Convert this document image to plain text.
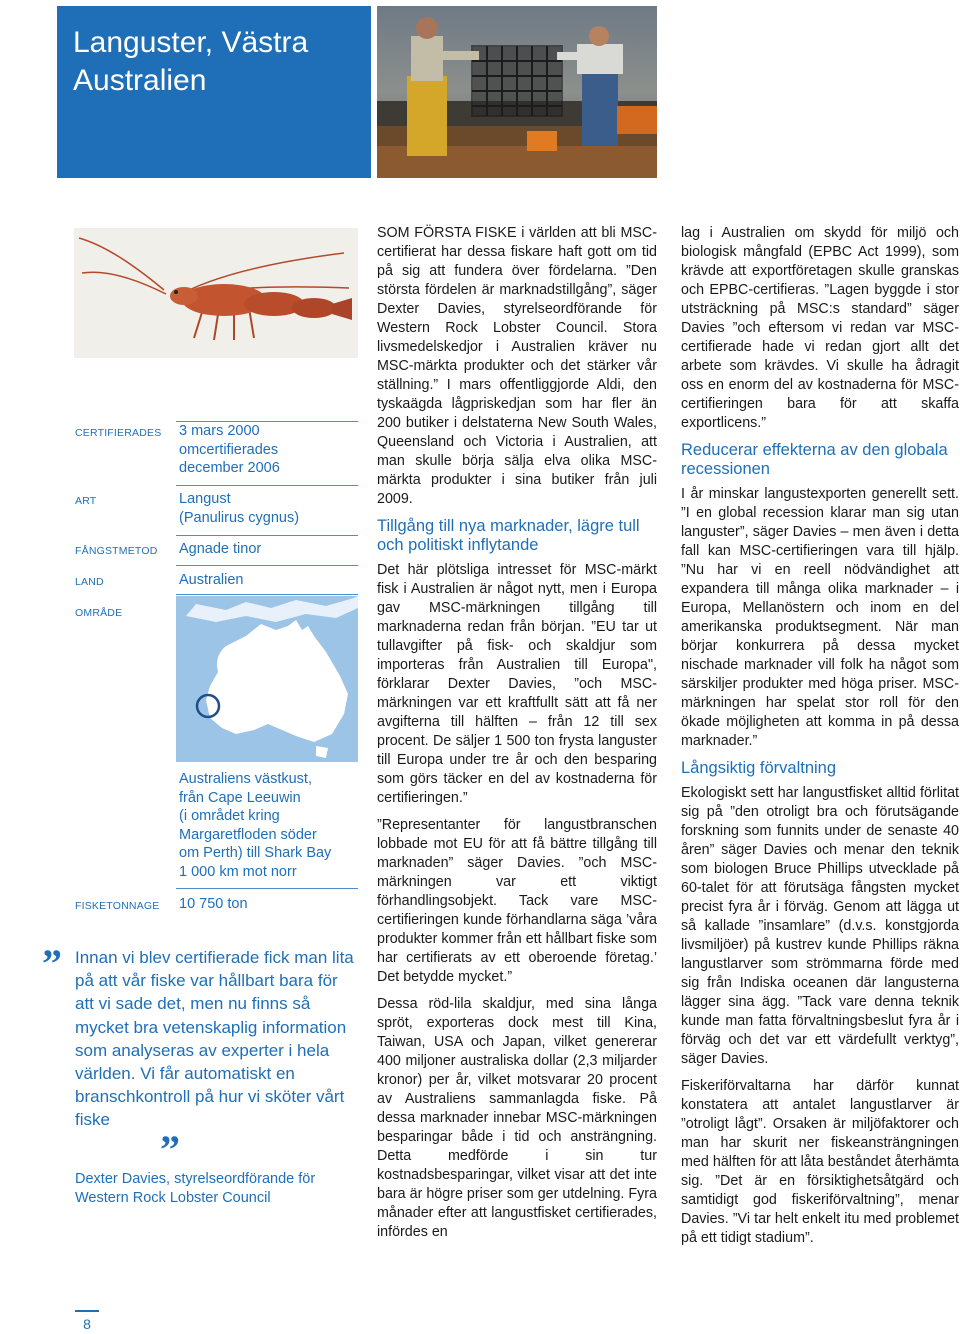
Languster, Västra Australien
CERTIFIERADES 3 mars 2000
omcertifierades
december 2006
ART	Langust
(Panulirus cygnus)
FÅNGSTMETOD Agnade tinor
LAND	Australien
OMRÅDE
Australiens västkust,
från Cape Leeuwin
(i området kring
Margaretfloden söder
om Perth) till Shark Bay
1 000 km mot norr
FISKETONNAGE 10 750 ton
” Innan vi blev certifierade fick man lita på att vår fiske var hållbart bara för att vi sade det, men nu finns så mycket bra vetenskaplig information som analyseras av experter i hela världen. Vi får automatiskt en branschkontroll på hur vi sköter vårt fiske
”
Dexter Davies, styrelseordförande för Western Rock Lobster Council
8

SOM FÖRSTA FISKE i världen att bli MSC-certifierat har dessa fiskare haft gott om tid på sig att fundera över fördelarna. ”Den största fördelen är marknadstillgång”, säger Dexter Davies, styrelseordförande för Western Rock Lobster Council. Stora livsmedelskedjor i Australien kräver nu MSC-märkta produkter och det stärker vår ställning.” I mars offentliggjorde Aldi, den tyskaägda lågpriskedjan som har fler än 200 butiker i delstaterna New South Wales, Queensland och Victoria i Australien, att man skulle börja sälja elva olika MSC-märkta produkter i sina butiker från juli 2009.

Tillgång till nya marknader, lägre tull och politiskt inflytande

Det här plötsliga intresset för MSC-märkt fisk i Australien är något nytt, men i Europa gav MSC-märkningen tillgång till marknaderna redan från början. ”EU tar ut tullavgifter på fisk- och skaldjur som importeras från Australien till Europa", förklarar Dexter Davies, ”och MSC-märkningen var ett kraftfullt sätt att få ner avgifterna till hälften – från 12 till sex procent. De säljer 1 500 ton frysta languster till Europa under tre år och den besparing som görs täcker en del av kostnaderna för certifieringen.”

”Representanter för langustbranschen lobbade mot EU för att få bättre tillgång till marknaden” säger Davies. ”och MSC-märkningen var ett viktigt förhandlingsobjekt. Tack vare MSC-certifieringen kunde förhandlarna säga ’våra produkter kommer från ett hållbart fiske som har certifierats av ett oberoende företag.’ Det betydde mycket.”

Dessa röd-lila skaldjur, med sina långa spröt, exporteras dock mest till Kina, Taiwan, USA och Japan, vilket genererar 400 miljoner australiska dollar (2,3 miljarder kronor) per år, vilket motsvarar 20 procent av Australiens sammanlagda fiske. På dessa marknader innebar MSC-märkningen besparingar både i tid och ansträngning. Detta medförde i sin tur kostnadsbesparingar, vilket visar att det inte bara är högre priser som ger utdelning. Fyra månader efter att langustfisket certifierades, infördes en

lag i Australien om skydd för miljö och biologisk mångfald (EPBC Act 1999), som krävde att exportföretagen skulle granskas och EPBC-certifieras. ”Lagen byggde i stor utsträckning på MSC:s standard” säger Davies ”och eftersom vi redan var MSC-certifierade hade vi redan gjort allt det arbete som krävdes. Vi skulle ha ådragit oss en enorm del av kostnaderna för MSC-certifieringen bara för att skaffa exportlicens.”

Reducerar effekterna av den globala recessionen

I år minskar langustexporten generellt sett. ”I en global recession klarar man sig utan languster”, säger Davies – men även i detta fall kan MSC-certifieringen vara till hjälp. ”Nu har vi en reell nödvändighet att expandera till många olika marknader – i Europa, Mellanöstern och inom en del amerikanska produktsegment. När man börjar konkurrera på dessa mycket nischade marknader vill folk ha något som särskiljer produkter med höga priser. MSC-märkningen har spelat stor roll för den ökade möjligheten att komma in på dessa marknader.”

Långsiktig förvaltning

Ekologiskt sett har langustfisket alltid förlitat sig på ”den otroligt bra och förutsägande forskning som funnits under de senaste 40 åren” säger Davies och menar den teknik som biologen Bruce Phillips utvecklade på 60-talet för att förutsäga fångsten mycket precist fyra år i förväg. Genom att lägga ut så kallade ”insamlare” (d.v.s. konstgjorda livsmiljöer) på kustrev kunde Phillips räkna langustlarver som strömmarna förde med sig från Indiska oceanen där langusterna lägger sina ägg. ”Tack vare denna teknik kunde man fatta förvaltningsbeslut fyra år i förväg och det var ett värdefullt verktyg”, säger Davies.

Fiskeriförvaltarna har därför kunnat konstatera att antalet langustlarver är ”otroligt lågt”. Orsaken är miljöfaktorer och man har skurit ner fiskeansträngningen med hälften för att låta beståndet återhämta sig. ”Det är en försiktighetsåtgärd och samtidigt god fiskeriförvaltning”, menar Davies. ”Vi tar helt enkelt itu med problemet på ett tidigt stadium”.
